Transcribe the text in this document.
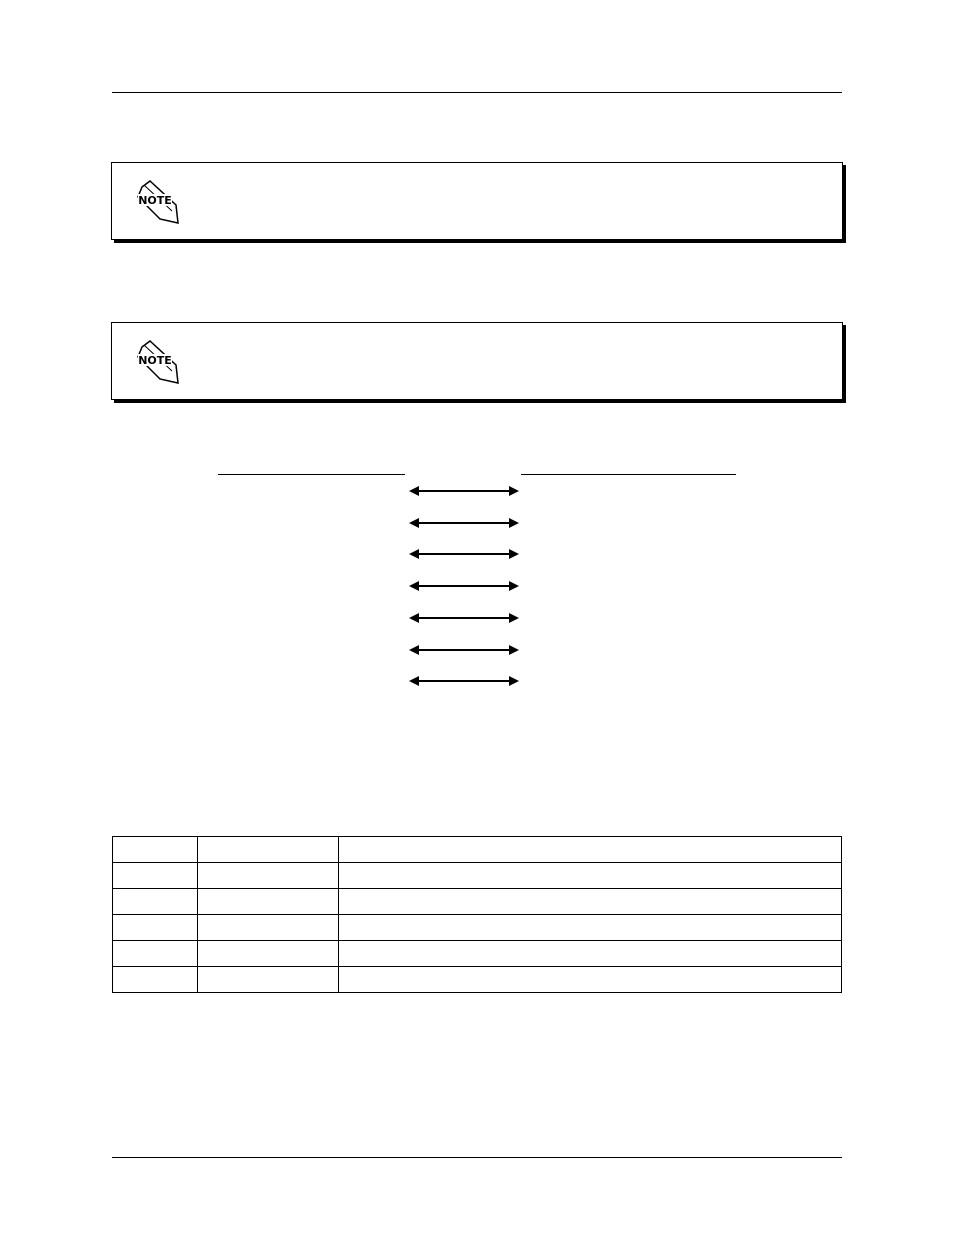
NOTE
NOTE
